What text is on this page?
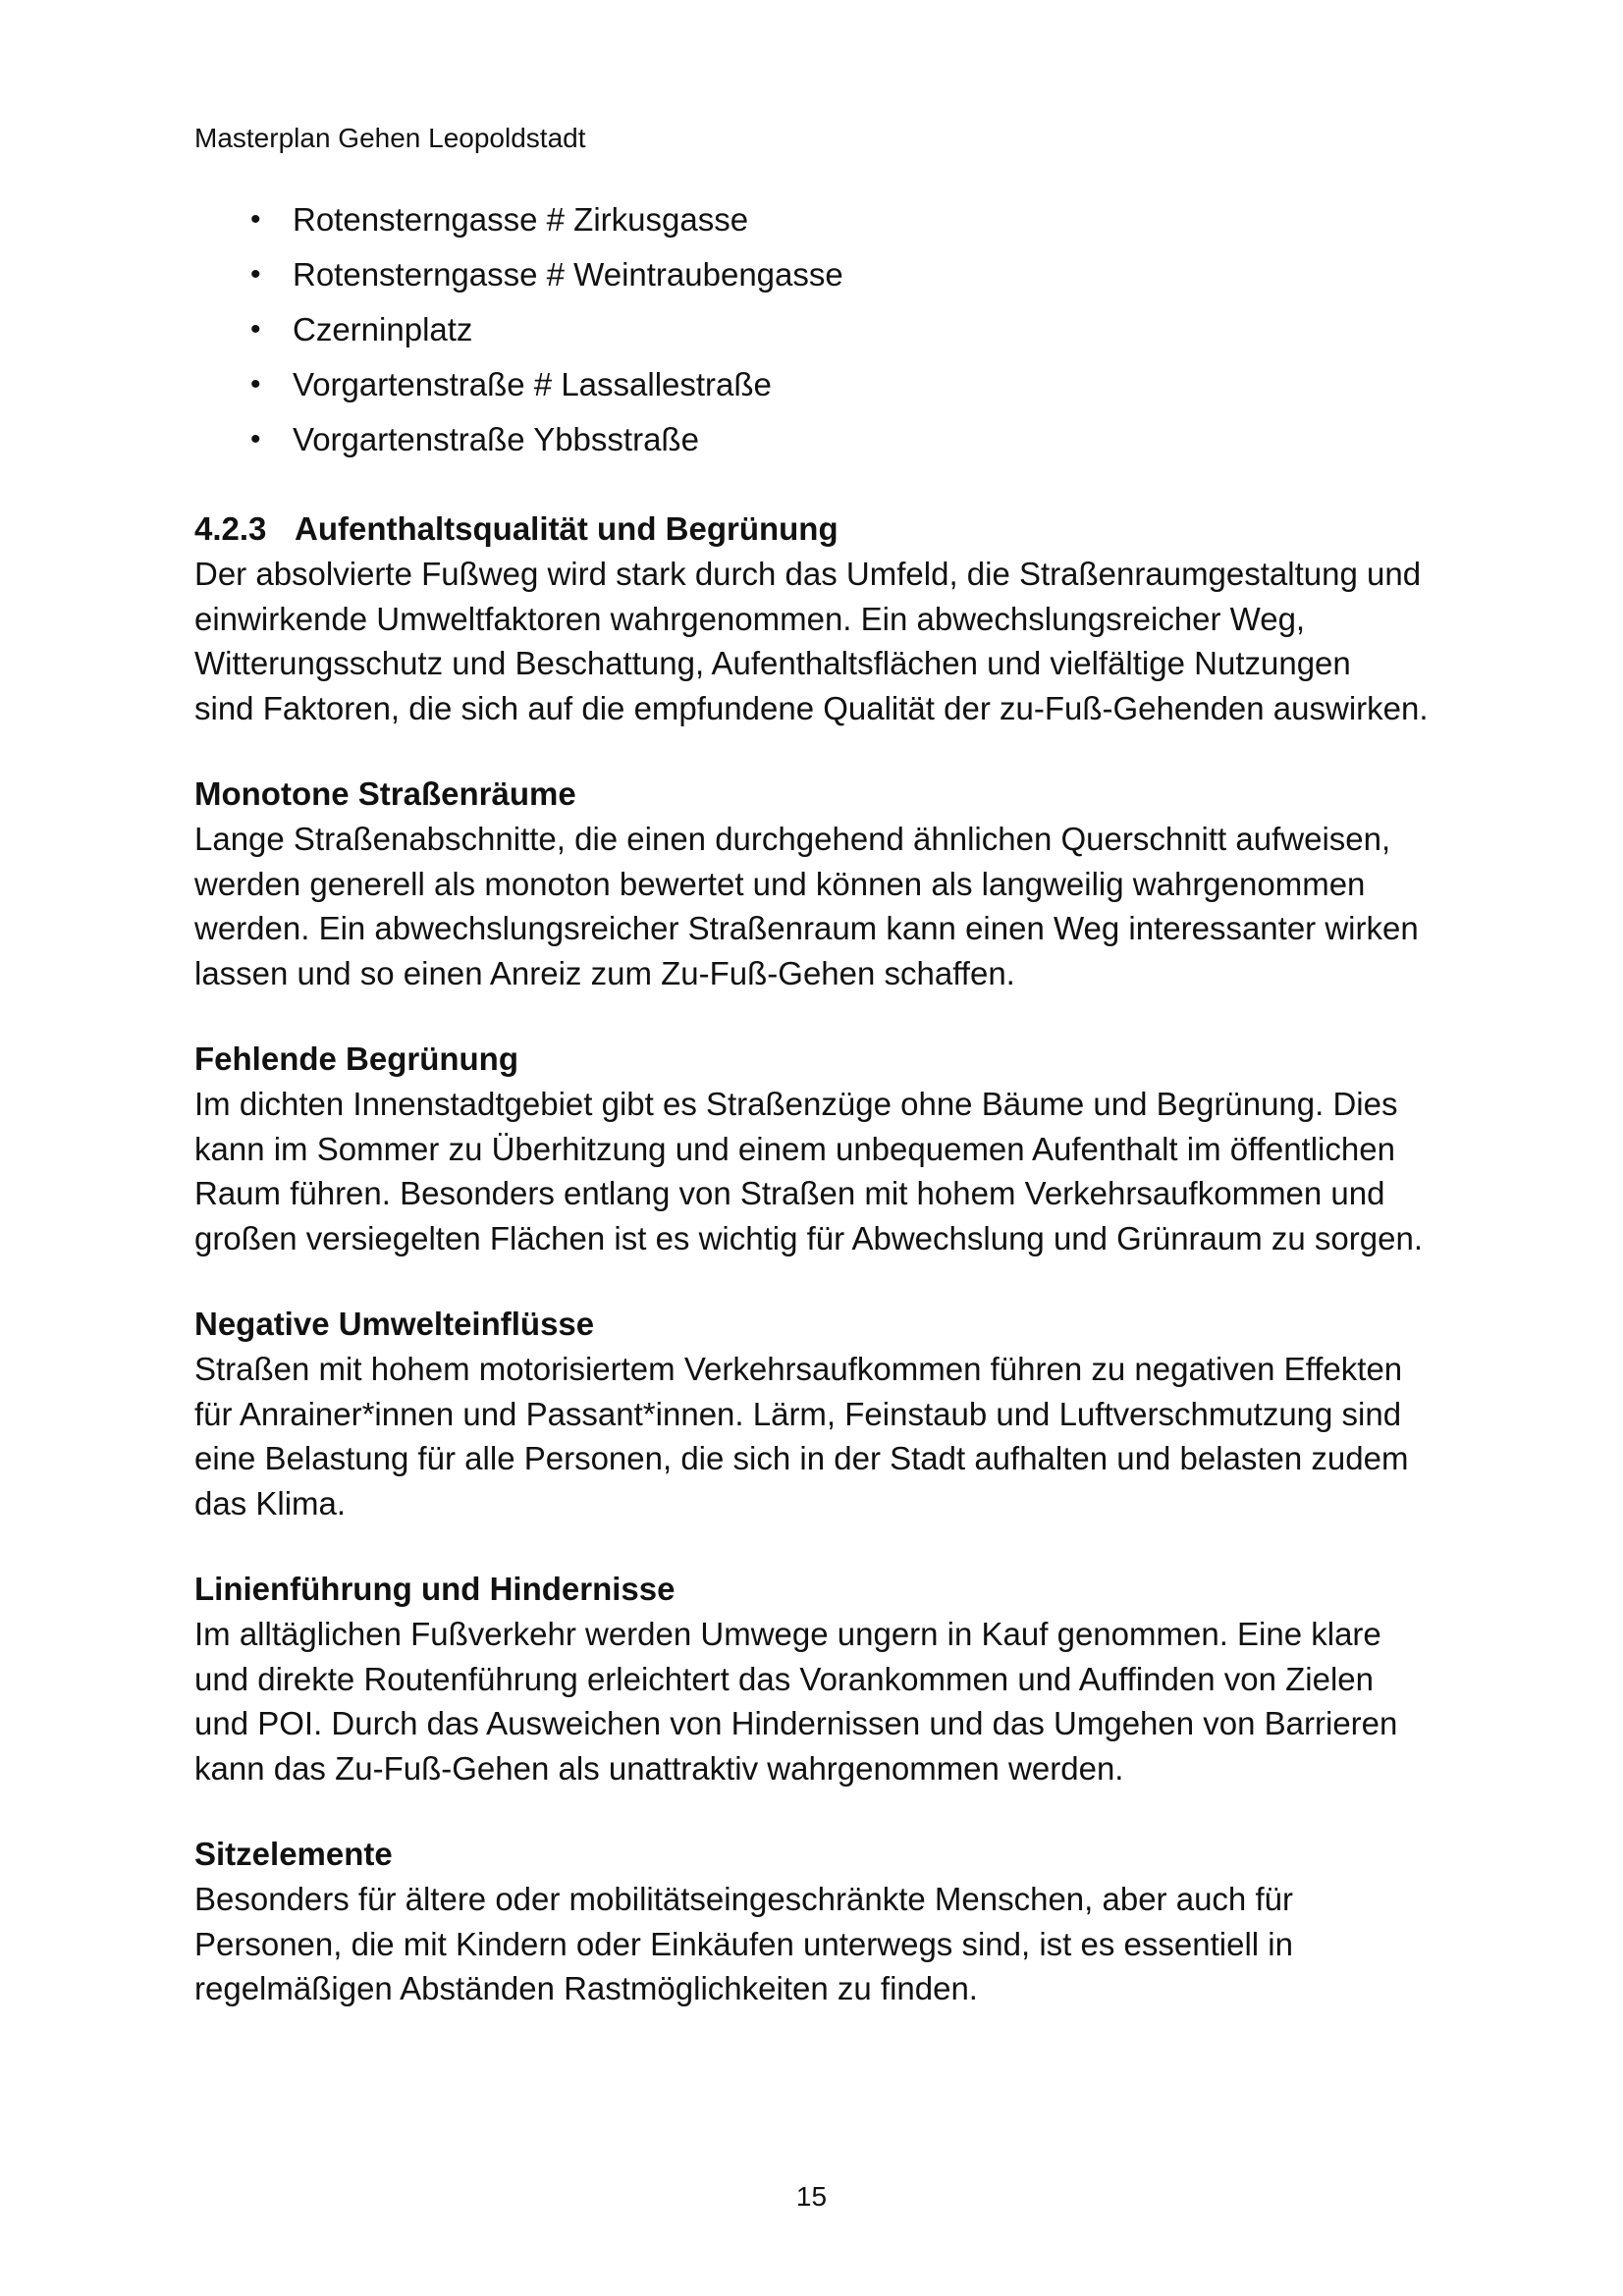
Masterplan Gehen Leopoldstadt
• Rotensterngasse # Zirkusgasse
• Rotensterngasse # Weintraubengasse
• Czerninplatz
• Vorgartenstraße # Lassallestraße
• Vorgartenstraße Ybbsstraße
4.2.3 Aufenthaltsqualität und Begrünung

Der absolvierte Fußweg wird stark durch das Umfeld, die Straßenraumgestaltung und
einwirkende Umweltfaktoren wahrgenommen. Ein abwechslungsreicher Weg,
Witterungsschutz und Beschattung, Aufenthaltsflächen und vielfältige Nutzungen
sind Faktoren, die sich auf die empfundene Qualität der zu-Fuß-Gehenden auswirken.

Monotone Straßenräume

Lange Straßenabschnitte, die einen durchgehend ähnlichen Querschnitt aufweisen,
werden generell als monoton bewertet und können als langweilig wahrgenommen
werden. Ein abwechslungsreicher Straßenraum kann einen Weg interessanter wirken
lassen und so einen Anreiz zum Zu-Fuß-Gehen schaffen.

Fehlende Begrünung

Im dichten Innenstadtgebiet gibt es Straßenzüge ohne Bäume und Begrünung. Dies
kann im Sommer zu Überhitzung und einem unbequemen Aufenthalt im öffentlichen
Raum führen. Besonders entlang von Straßen mit hohem Verkehrsaufkommen und
großen versiegelten Flächen ist es wichtig für Abwechslung und Grünraum zu sorgen.

Negative Umwelteinflüsse

Straßen mit hohem motorisiertem Verkehrsaufkommen führen zu negativen Effekten
für Anrainer*innen und Passant*innen. Lärm, Feinstaub und Luftverschmutzung sind
eine Belastung für alle Personen, die sich in der Stadt aufhalten und belasten zudem
das Klima.

Linienführung und Hindernisse

Im alltäglichen Fußverkehr werden Umwege ungern in Kauf genommen. Eine klare
und direkte Routenführung erleichtert das Vorankommen und Auffinden von Zielen
und POI. Durch das Ausweichen von Hindernissen und das Umgehen von Barrieren
kann das Zu-Fuß-Gehen als unattraktiv wahrgenommen werden.

Sitzelemente

Besonders für ältere oder mobilitätseingeschränkte Menschen, aber auch für
Personen, die mit Kindern oder Einkäufen unterwegs sind, ist es essentiell in
regelmäßigen Abständen Rastmöglichkeiten zu finden.

15
